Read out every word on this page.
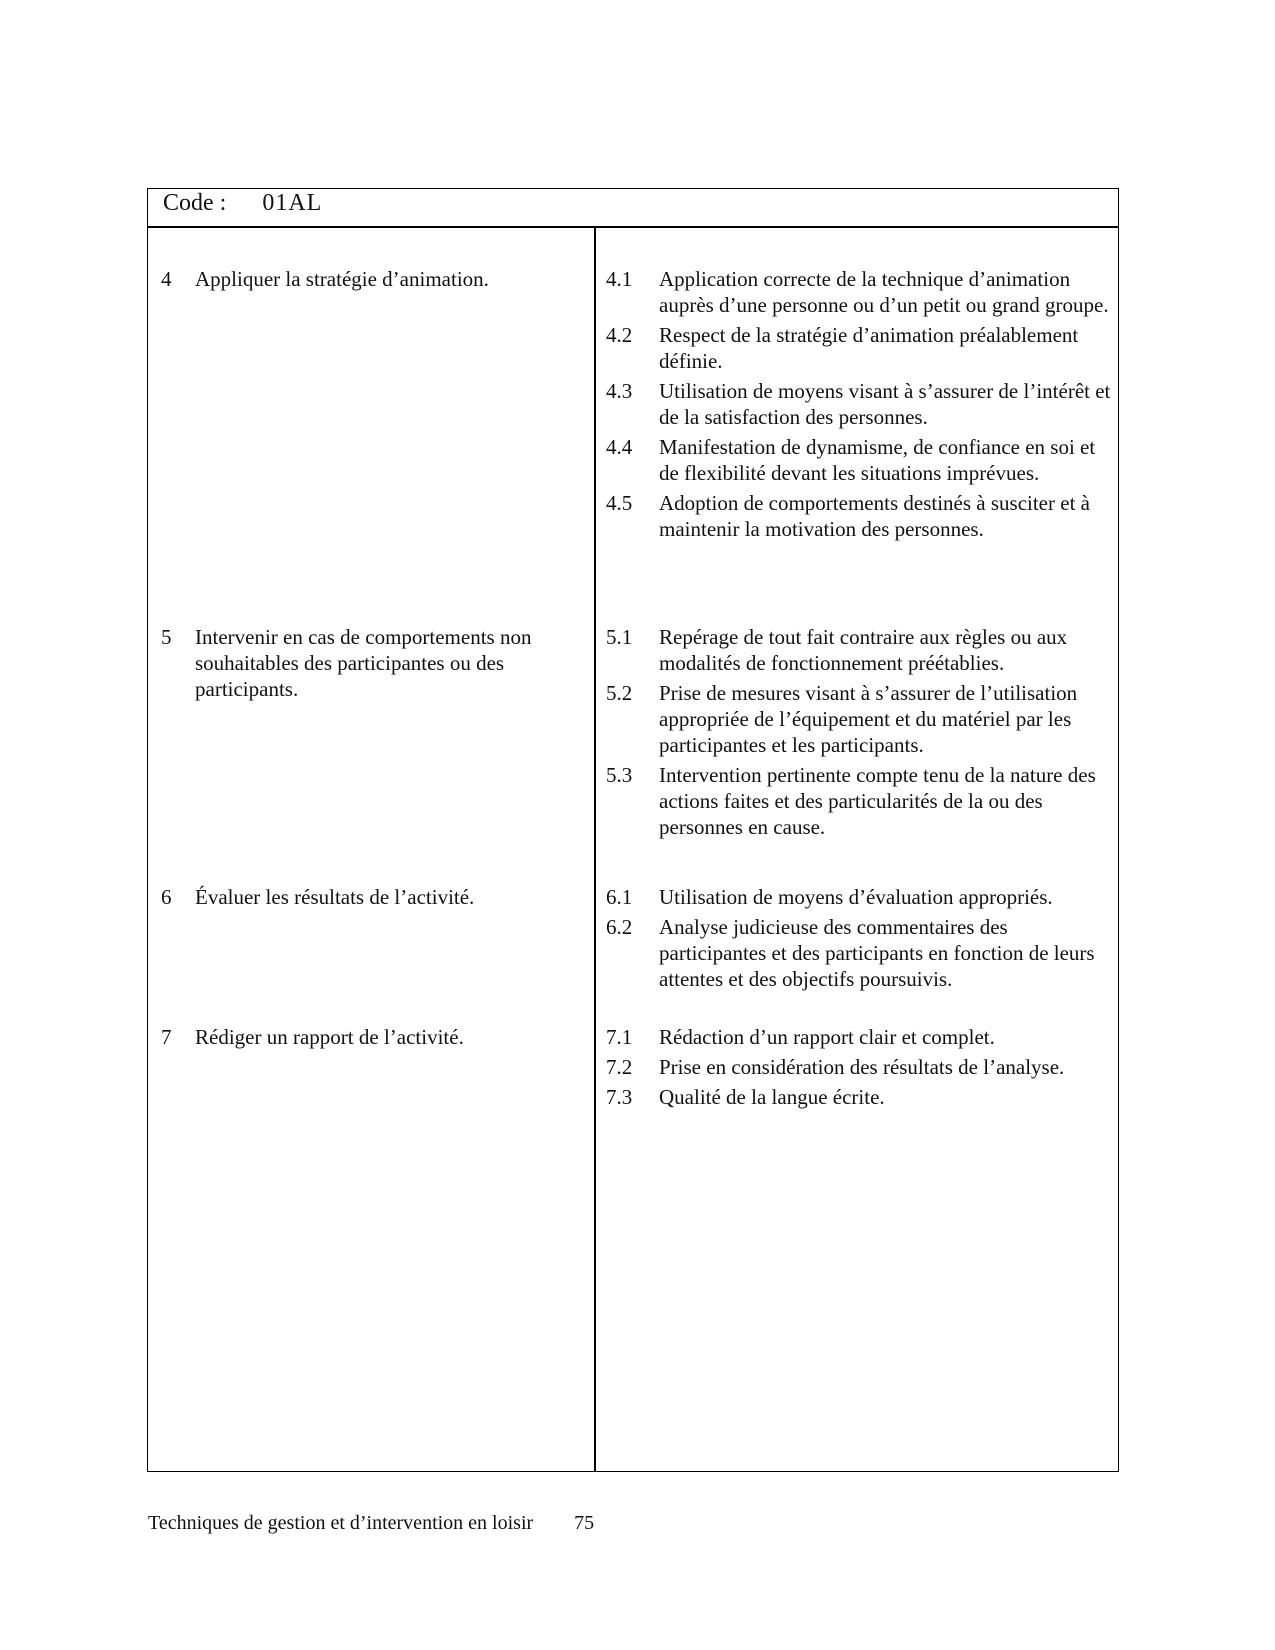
Code : 01AL
4 Appliquer la stratégie d’animation.	4.1 Application correcte de la technique d’animation auprès d’une personne ou d’un petit ou grand groupe.
4.2 Respect de la stratégie d’animation préalablement définie.
4.3 Utilisation de moyens visant à s’assurer de l’intérêt et de la satisfaction des personnes.
4.4 Manifestation de dynamisme, de confiance en soi et de flexibilité devant les situations imprévues.
4.5 Adoption de comportements destinés à susciter et à maintenir la motivation des personnes.
5 Intervenir en cas de comportements non souhaitables des participantes ou des participants.
5.1 Repérage de tout fait contraire aux règles ou aux modalités de fonctionnement préétablies.
5.2 Prise de mesures visant à s’assurer de l’utilisation appropriée de l’équipement et du matériel par les participantes et les participants.
5.3 Intervention pertinente compte tenu de la nature des actions faites et des particularités de la ou des personnes en cause.
6 Évaluer les résultats de l’activité.	6.1 Utilisation de moyens d’évaluation appropriés.
6.2 Analyse judicieuse des commentaires des participantes et des participants en fonction de leurs attentes et des objectifs poursuivis.
7 Rédiger un rapport de l’activité.	7.1 Rédaction d’un rapport clair et complet.
7.2 Prise en considération des résultats de l’analyse.
7.3 Qualité de la langue écrite.
Techniques de gestion et d’intervention en loisir 75
